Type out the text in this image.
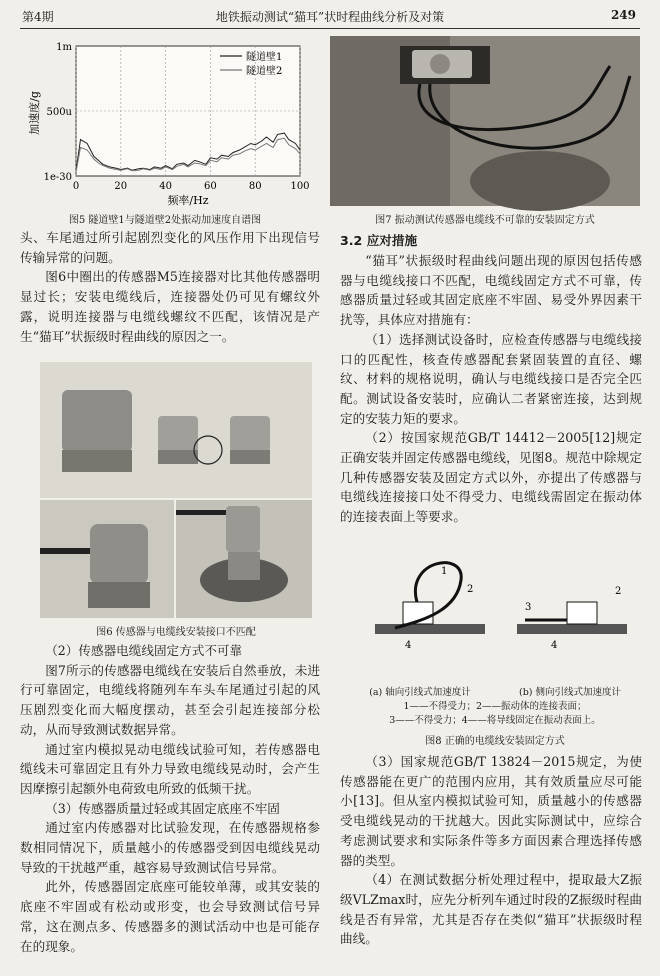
第4期	地铁振动测试“猫耳”状时程曲线分析及对策	249
0	20	40	60	80	100
1m
500u
1e-30
隧道壁1
隧道壁2
加速度/g
频率/Hz
图5 隧道壁1与隧道壁2处振动加速度自谱图	图7 振动测试传感器电缆线不可靠的安装固定方式

头、车尾通过所引起剧烈变化的风压作用下出现信号传输异常的问题。

图6中圈出的传感器M5连接器对比其他传感器明显过长；安装电缆线后，连接器处仍可见有螺纹外露，说明连接器与电缆线螺纹不匹配，该情况是产生“猫耳”状振级时程曲线的原因之一。

图6 传感器与电缆线安装接口不匹配

（2）传感器电缆线固定方式不可靠

图7所示的传感器电缆线在安装后自然垂放，未进行可靠固定，电缆线将随列车车头车尾通过引起的风压剧烈变化而大幅度摆动，甚至会引起连接部分松动，从而导致测试数据异常。

通过室内模拟晃动电缆线试验可知，若传感器电缆线未可靠固定且有外力导致电缆线晃动时，会产生因摩擦引起额外电荷致电所致的低频干扰。

（3）传感器质量过轻或其固定底座不牢固

通过室内传感器对比试验发现，在传感器规格参数相同情况下，质量越小的传感器受到因电缆线晃动导致的干扰越严重，越容易导致测试信号异常。

此外，传感器固定底座可能较单薄，或其安装的底座不牢固或有松动或形变，也会导致测试信号异常，这在测点多、传感器多的测试活动中也是可能存在的现象。

3.2 应对措施

“猫耳”状振级时程曲线问题出现的原因包括传感器与电缆线接口不匹配，电缆线固定方式不可靠，传感器质量过轻或其固定底座不牢固、易受外界因素干扰等，具体应对措施有：

（1）选择测试设备时，应检查传感器与电缆线接口的匹配性，核查传感器配套紧固装置的直径、螺纹、材料的规格说明，确认与电缆线接口是否完全匹配。测试设备安装时，应确认二者紧密连接，达到规定的安装力矩的要求。

（2）按国家规范GB/T 14412－2005[12]规定正确安装并固定传感器电缆线，见图8。规范中除规定几种传感器安装及固定方式以外，亦提出了传感器与电缆线连接接口处不得受力、电缆线需固定在振动体的连接表面上等要求。

1
2
4
3
2
4
(a) 轴向引线式加速度计	(b) 侧向引线式加速度计
1——不得受力；2——振动体的连接表面；
3——不得受力；4——将导线固定在振动表面上。
图8 正确的电缆线安装固定方式

（3）国家规范GB/T 13824－2015规定，为使传感器能在更广的范围内应用，其有效质量应尽可能小[13]。但从室内模拟试验可知，质量越小的传感器受电缆线晃动的干扰越大。因此实际测试中，应综合考虑测试要求和实际条件等多方面因素合理选择传感器的类型。

（4）在测试数据分析处理过程中，提取最大Z振级VLZmax时，应先分析列车通过时段的Z振级时程曲线是否有异常，尤其是否存在类似“猫耳”状振级时程曲线。
